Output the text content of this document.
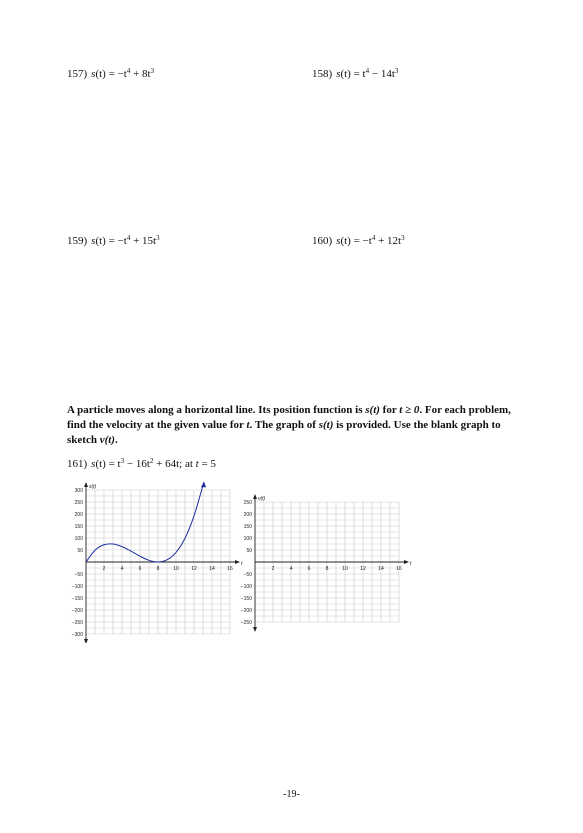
157) $s(t) = -t^4 + 8t^3$	158) $s(t) = t^4 - 14t^3$
159) $s(t) = -t^4 + 15t^3$	160) $s(t) = -t^4 + 12t^3$
A particle moves along a horizontal line. Its position function is s(t) for t ≥ 0. For each problem, find the velocity at the given value for t. The graph of s(t) is provided. Use the blank graph to sketch v(t).
161) $s(t) = t^3 - 16t^2 + 64t$; at t = 5
300
250
200
150
100
50
−50
−100
−150
−200
−250
−300
2	4	6	8	10 12 14 16
s(t)
t
250
200
150
100
50
−50
−100
−150
−200
−250
2	4	6	8	10 12 14 16
v(t)
t
-19-
